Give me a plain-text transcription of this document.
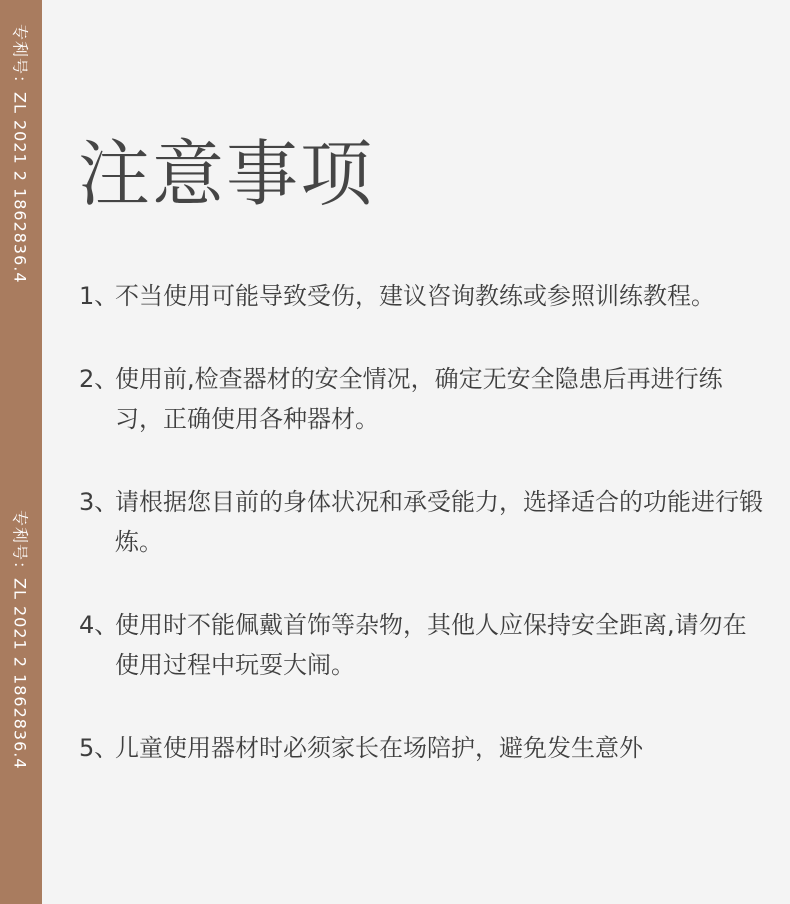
专利号：ZL 2021 2 1862836.4
专利号：ZL 2021 2 1862836.4
注意事项
1、
不当使用可能导致受伤，建议咨询教练或参照训练教程。
2、
使用前,检查器材的安全情况，确定无安全隐患后再进行练习，正确使用各种器材。
3、
请根据您目前的身体状况和承受能力，选择适合的功能进行锻炼。
4、
使用时不能佩戴首饰等杂物，其他人应保持安全距离,请勿在使用过程中玩耍大闹。
5、
儿童使用器材时必须家长在场陪护，避免发生意外
